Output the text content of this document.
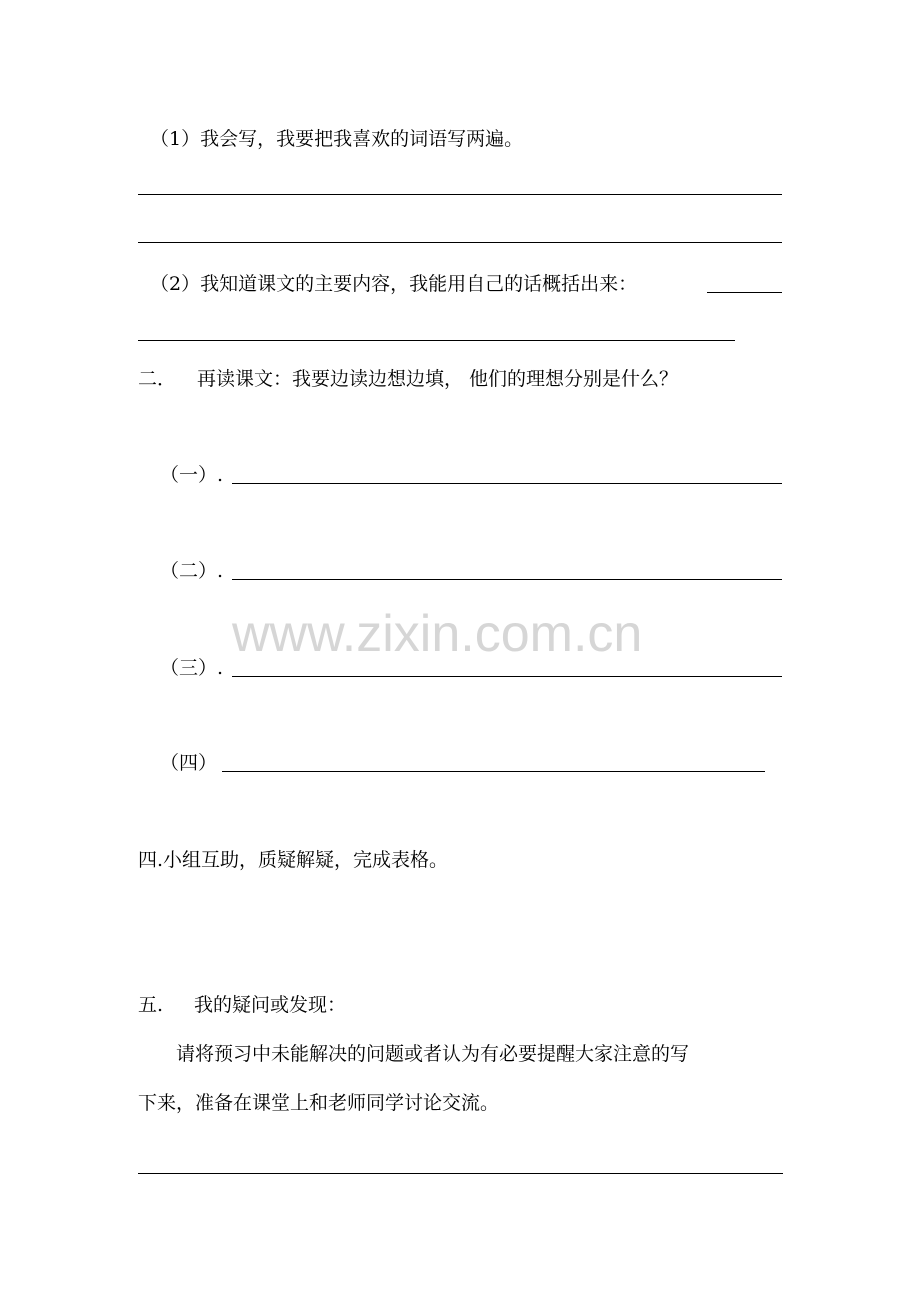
（1）我会写，我要把我喜欢的词语写两遍。
（2）我知道课文的主要内容，我能用自己的话概括出来：
二． 再读课文：我要边读边想边填， 他们的理想分别是什么？
（一）.
（二）.
（三）.
（四）
www.zixin.com.cn
四.小组互助，质疑解疑，完成表格。
五. 我的疑问或发现：
请将预习中未能解决的问题或者认为有必要提醒大家注意的写
下来，准备在课堂上和老师同学讨论交流。
